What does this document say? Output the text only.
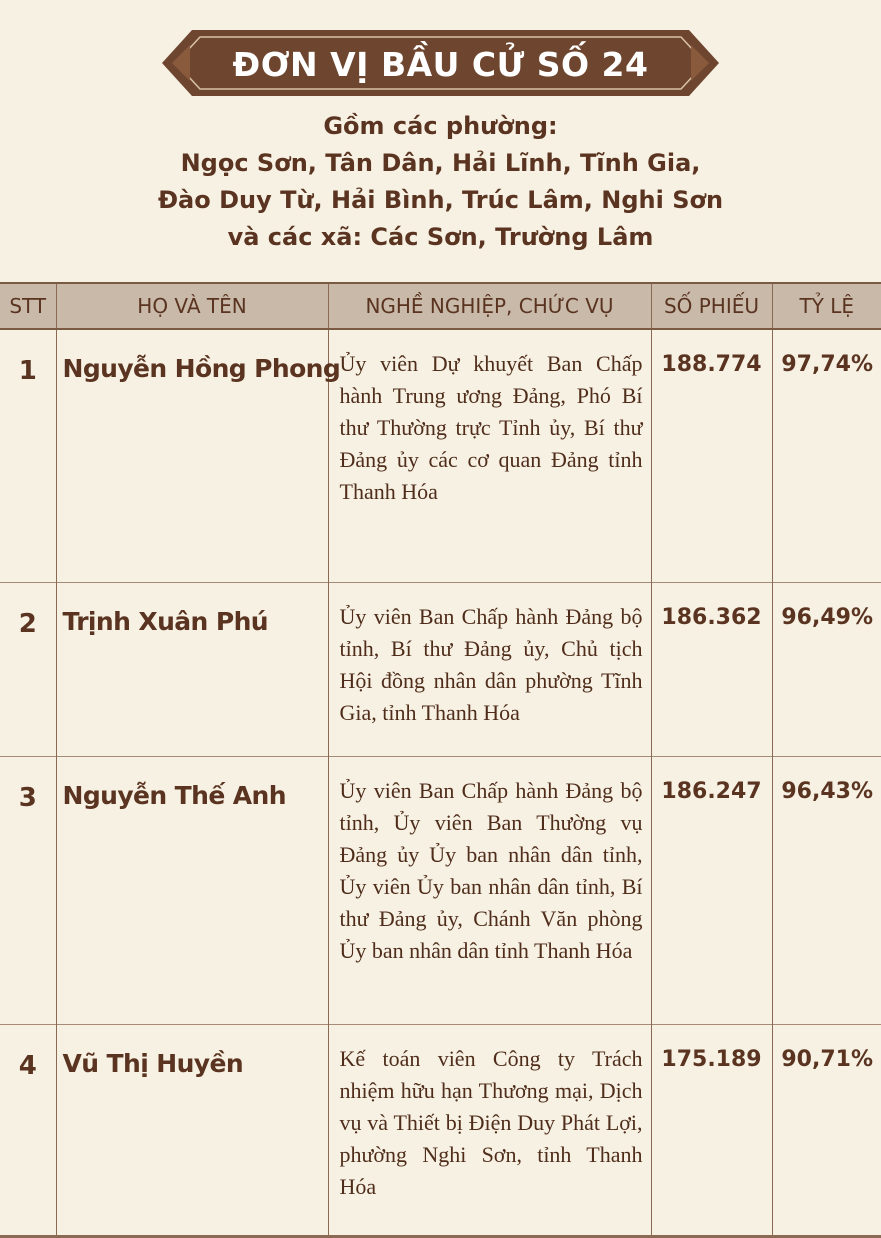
ĐƠN VỊ BẦU CỬ SỐ 24
Gồm các phường:
Ngọc Sơn, Tân Dân, Hải Lĩnh, Tĩnh Gia,
Đào Duy Từ, Hải Bình, Trúc Lâm, Nghi Sơn
và các xã: Các Sơn, Trường Lâm
STT	HỌ VÀ TÊN	NGHỀ NGHIỆP, CHỨC VỤ	SỐ PHIẾU	TỶ LỆ
1	Nguyễn Hồng Phong	Ủy viên Dự khuyết Ban Chấp hành Trung ương Đảng, Phó Bí thư Thường trực Tỉnh ủy, Bí thư Đảng ủy các cơ quan Đảng tỉnh Thanh Hóa	188.774	97,74%
2	Trịnh Xuân Phú	Ủy viên Ban Chấp hành Đảng bộ tỉnh, Bí thư Đảng ủy, Chủ tịch Hội đồng nhân dân phường Tĩnh Gia, tỉnh Thanh Hóa	186.362	96,49%
3	Nguyễn Thế Anh	Ủy viên Ban Chấp hành Đảng bộ tỉnh, Ủy viên Ban Thường vụ Đảng ủy Ủy ban nhân dân tỉnh, Ủy viên Ủy ban nhân dân tỉnh, Bí thư Đảng ủy, Chánh Văn phòng Ủy ban nhân dân tỉnh Thanh Hóa	186.247	96,43%
4	Vũ Thị Huyền	Kế toán viên Công ty Trách nhiệm hữu hạn Thương mại, Dịch vụ và Thiết bị Điện Duy Phát Lợi, phường Nghi Sơn, tỉnh Thanh Hóa	175.189	90,71%
